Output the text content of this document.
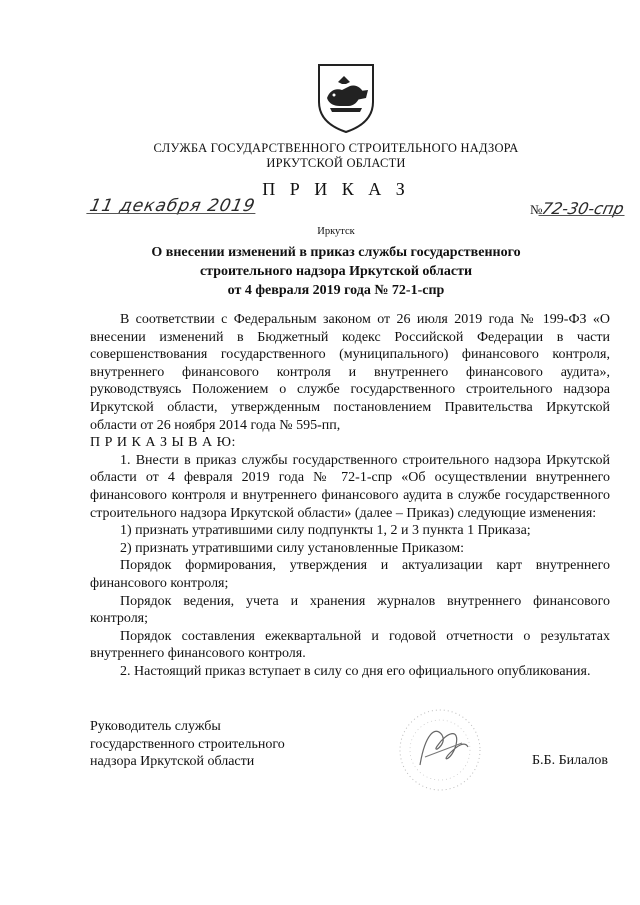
СЛУЖБА ГОСУДАРСТВЕННОГО СТРОИТЕЛЬНОГО НАДЗОРА
ИРКУТСКОЙ ОБЛАСТИ
П Р И К А З
11 декабря 2019	№72-30-спр
Иркутск
О внесении изменений в приказ службы государственного
строительного надзора Иркутской области
от 4 февраля 2019 года № 72-1-спр

В соответствии с Федеральным законом от 26 июля 2019 года № 199-ФЗ «О внесении изменений в Бюджетный кодекс Российской Федерации в части совершенствования государственного (муниципального) финансового контроля, внутреннего финансового контроля и внутреннего финансового аудита», руководствуясь Положением о службе государственного строительного надзора Иркутской области, утвержденным постановлением Правительства Иркутской области от 26 ноября 2014 года № 595-пп,

П Р И К А З Ы В А Ю:

1. Внести в приказ службы государственного строительного надзора Иркутской области от 4 февраля 2019 года № 72-1-спр «Об осуществлении внутреннего финансового контроля и внутреннего финансового аудита в службе государственного строительного надзора Иркутской области» (далее – Приказ) следующие изменения:

1) признать утратившими силу подпункты 1, 2 и 3 пункта 1 Приказа;

2) признать утратившими силу установленные Приказом:

Порядок формирования, утверждения и актуализации карт внутреннего финансового контроля;

Порядок ведения, учета и хранения журналов внутреннего финансового контроля;

Порядок составления ежеквартальной и годовой отчетности о результатах внутреннего финансового контроля.

2. Настоящий приказ вступает в силу со дня его официального опубликования.

Руководитель службы
государственного строительного
надзора Иркутской области	Б.Б. Билалов
